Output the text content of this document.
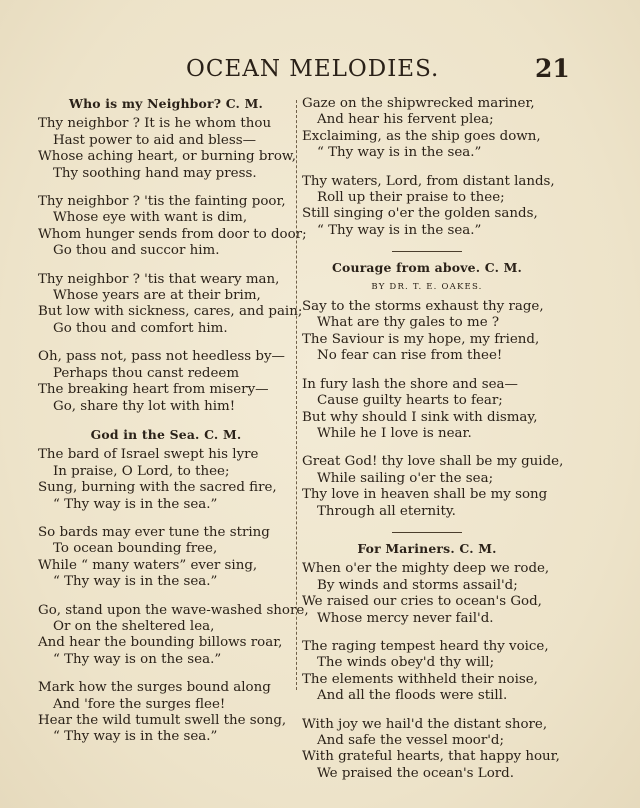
OCEAN MELODIES.	21
Who is my Neighbor? C. M.
Thy neighbor ? It is he whom thou
Hast power to aid and bless—
Whose aching heart, or burning brow,
Thy soothing hand may press.
Thy neighbor ? 'tis the fainting poor,
Whose eye with want is dim,
Whom hunger sends from door to door;
Go thou and succor him.
Thy neighbor ? 'tis that weary man,
Whose years are at their brim,
But low with sickness, cares, and pain;
Go thou and comfort him.
Oh, pass not, pass not heedless by—
Perhaps thou canst redeem
The breaking heart from misery—
Go, share thy lot with him!
God in the Sea. C. M.
The bard of Israel swept his lyre
In praise, O Lord, to thee;
Sung, burning with the sacred fire,
“ Thy way is in the sea.”
So bards may ever tune the string
To ocean bounding free,
While “ many waters” ever sing,
“ Thy way is in the sea.”
Go, stand upon the wave-washed shore,
Or on the sheltered lea,
And hear the bounding billows roar,
“ Thy way is on the sea.”
Mark how the surges bound along
And 'fore the surges flee!
Hear the wild tumult swell the song,
“ Thy way is in the sea.”
Gaze on the shipwrecked mariner,
And hear his fervent plea;
Exclaiming, as the ship goes down,
“ Thy way is in the sea.”
Thy waters, Lord, from distant lands,
Roll up their praise to thee;
Still singing o'er the golden sands,
“ Thy way is in the sea.”
Courage from above. C. M.
BY DR. T. E. OAKES.
Say to the storms exhaust thy rage,
What are thy gales to me ?
The Saviour is my hope, my friend,
No fear can rise from thee!
In fury lash the shore and sea—
Cause guilty hearts to fear;
But why should I sink with dismay,
While he I love is near.
Great God! thy love shall be my guide,
While sailing o'er the sea;
Thy love in heaven shall be my song
Through all eternity.
For Mariners. C. M.
When o'er the mighty deep we rode,
By winds and storms assail'd;
We raised our cries to ocean's God,
Whose mercy never fail'd.
The raging tempest heard thy voice,
The winds obey'd thy will;
The elements withheld their noise,
And all the floods were still.
With joy we hail'd the distant shore,
And safe the vessel moor'd;
With grateful hearts, that happy hour,
We praised the ocean's Lord.
